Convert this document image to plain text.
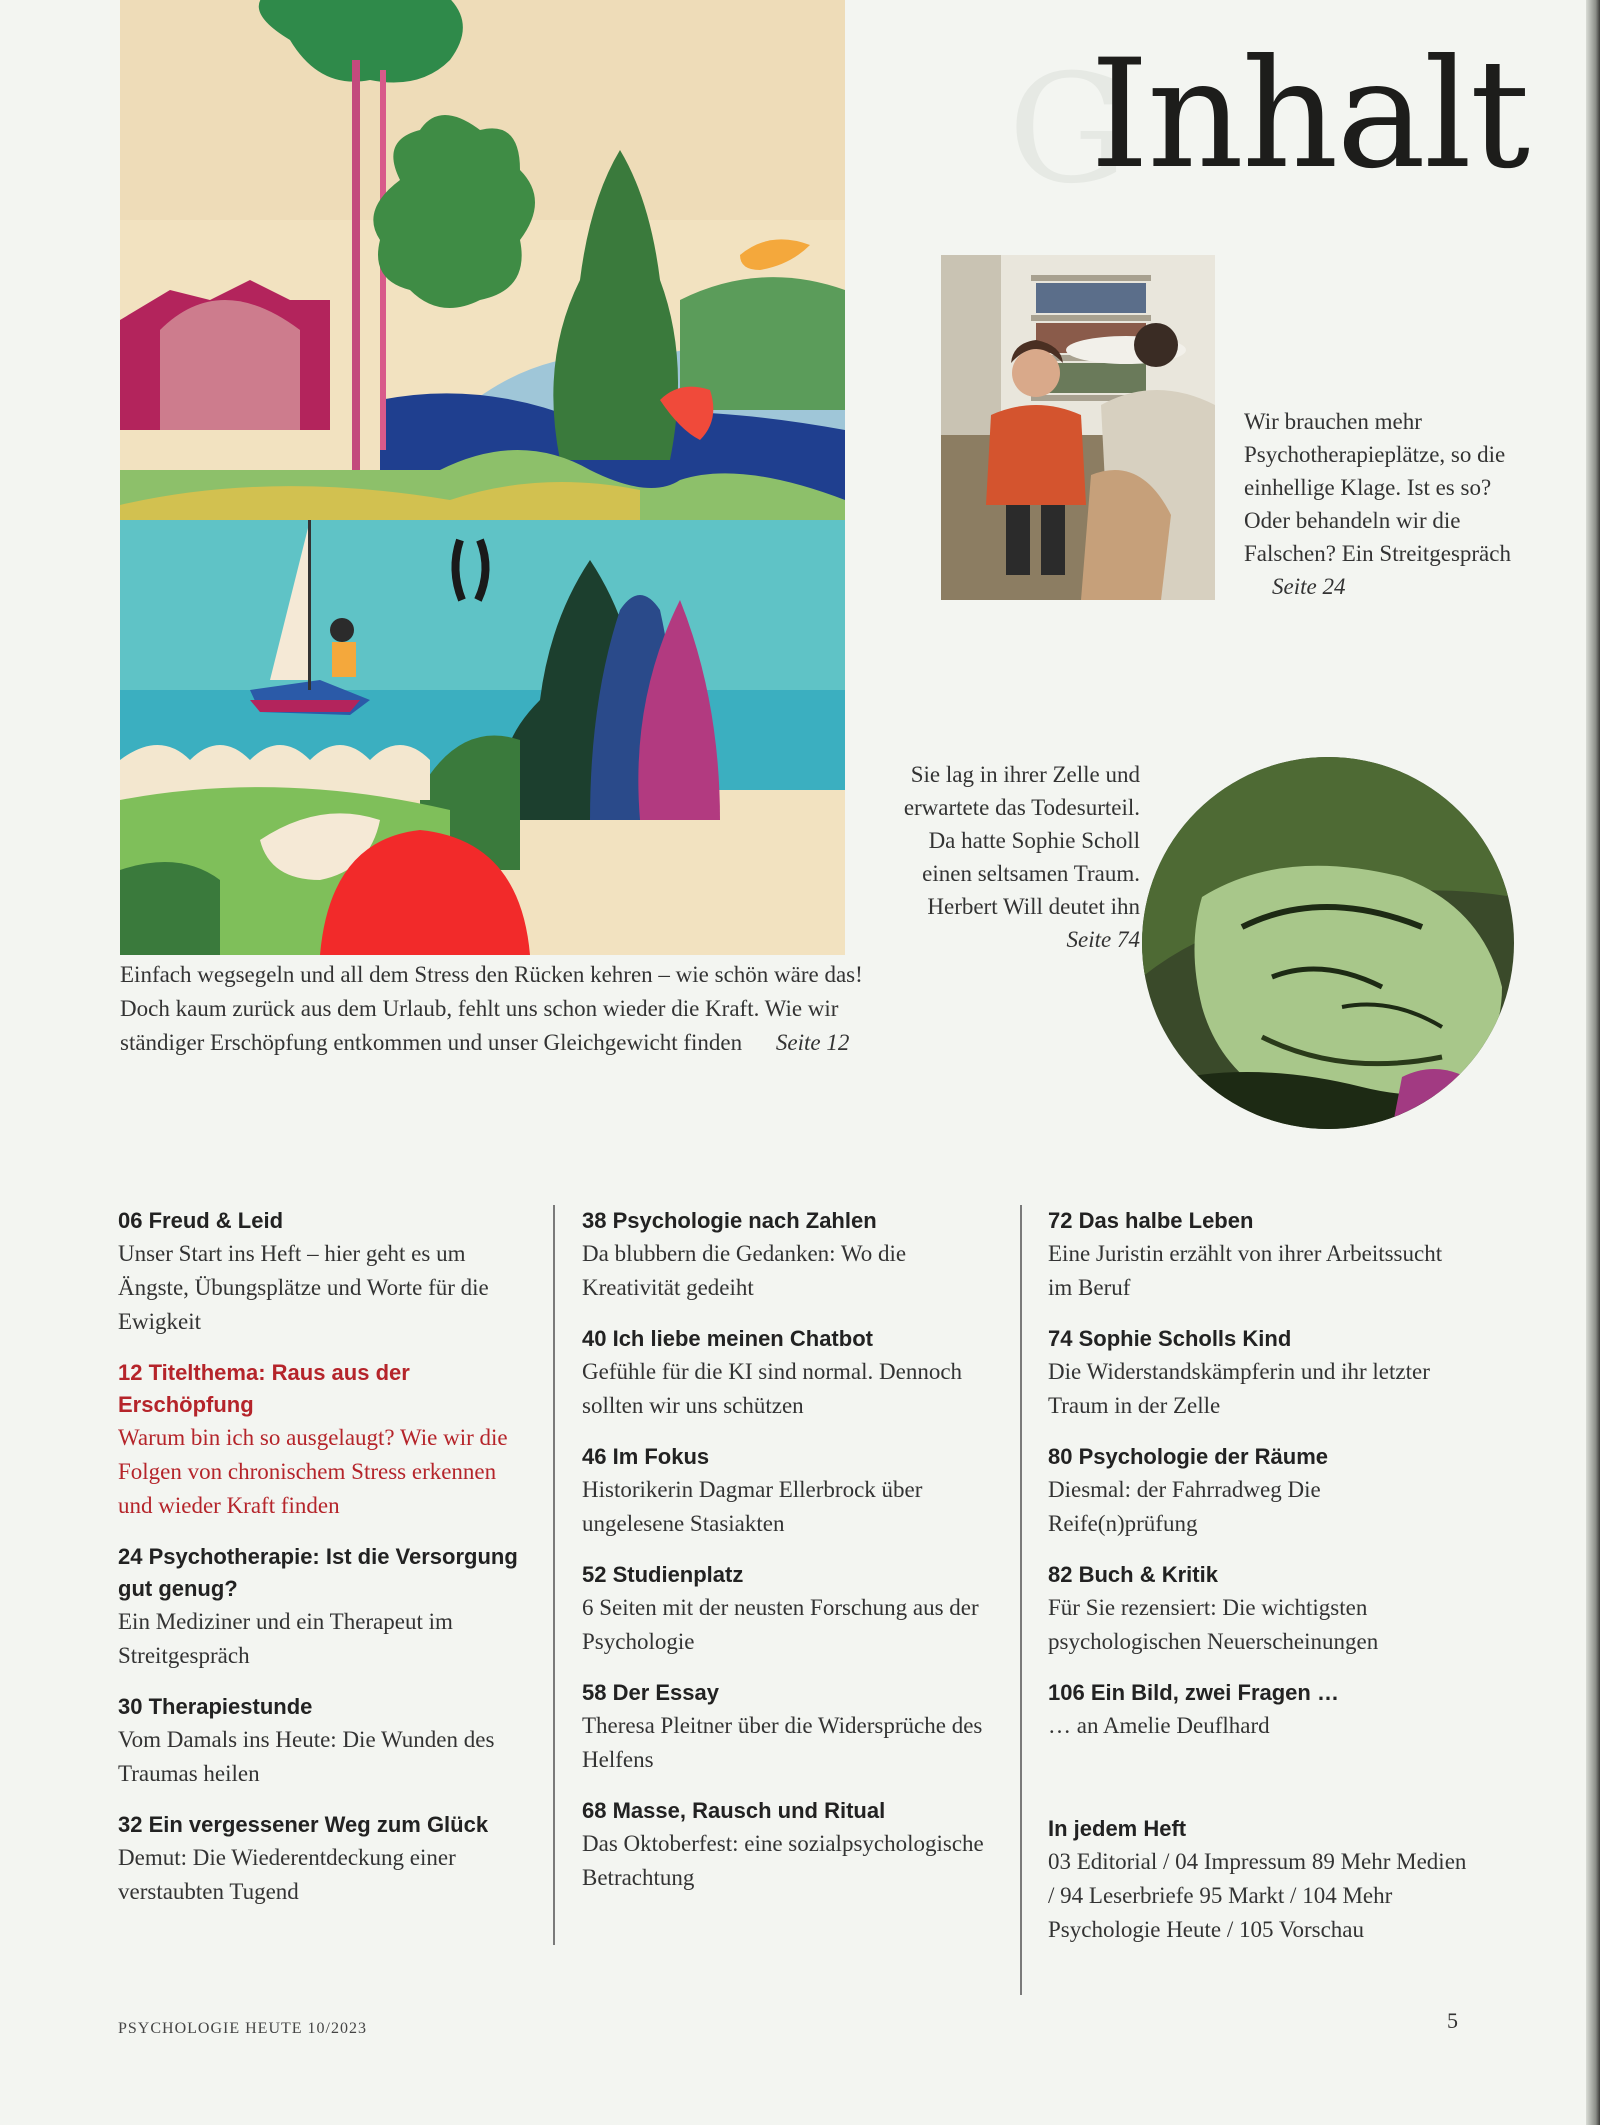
G
Inhalt
Einfach wegsegeln und all dem Stress den Rücken kehren – wie schön wäre das! Doch kaum zurück aus dem Urlaub, fehlt uns schon wieder die Kraft. Wie wir ständiger Erschöpfung entkommen und unser Gleichgewicht finden Seite 12
Wir brauchen mehr Psychotherapieplätze, so die einhellige Klage. Ist es so? Oder behandeln wir die Falschen? Ein Streitgespräch Seite 24
Sie lag in ihrer Zelle und erwartete das Todesurteil. Da hatte Sophie Scholl einen seltsamen Traum. Herbert Will deutet ihn
Seite 74
06 Freud & Leid
Unser Start ins Heft – hier geht es um Ängste, Übungsplätze und Worte für die Ewigkeit
12 Titelthema: Raus aus der Erschöpfung
Warum bin ich so ausgelaugt? Wie wir die Folgen von chronischem Stress erkennen und wieder Kraft finden
24 Psychotherapie: Ist die Versorgung gut genug?
Ein Mediziner und ein Therapeut im Streitgespräch
30 Therapiestunde
Vom Damals ins Heute: Die Wunden des Traumas heilen
32 Ein vergessener Weg zum Glück
Demut: Die Wiederentdeckung einer verstaubten Tugend
38 Psychologie nach Zahlen
Da blubbern die Gedanken: Wo die Kreativität gedeiht
40 Ich liebe meinen Chatbot
Gefühle für die KI sind normal. Dennoch sollten wir uns schützen
46 Im Fokus
Historikerin Dagmar Ellerbrock über ungelesene Stasiakten
52 Studienplatz
6 Seiten mit der neusten Forschung aus der Psychologie
58 Der Essay
Theresa Pleitner über die Widersprüche des Helfens
68 Masse, Rausch und Ritual
Das Oktoberfest: eine sozialpsychologische Betrachtung
72 Das halbe Leben
Eine Juristin erzählt von ihrer Arbeitssucht im Beruf
74 Sophie Scholls Kind
Die Widerstandskämpferin und ihr letzter Traum in der Zelle
80 Psychologie der Räume
Diesmal: der Fahrradweg Die Reife(n)prüfung
82 Buch & Kritik
Für Sie rezensiert: Die wichtigsten psychologischen Neuerscheinungen
106 Ein Bild, zwei Fragen …
… an Amelie Deuflhard
In jedem Heft
03 Editorial / 04 Impressum 89 Mehr Medien / 94 Leserbriefe 95 Markt / 104 Mehr Psychologie Heute / 105 Vorschau
PSYCHOLOGIE HEUTE 10/2023	5
